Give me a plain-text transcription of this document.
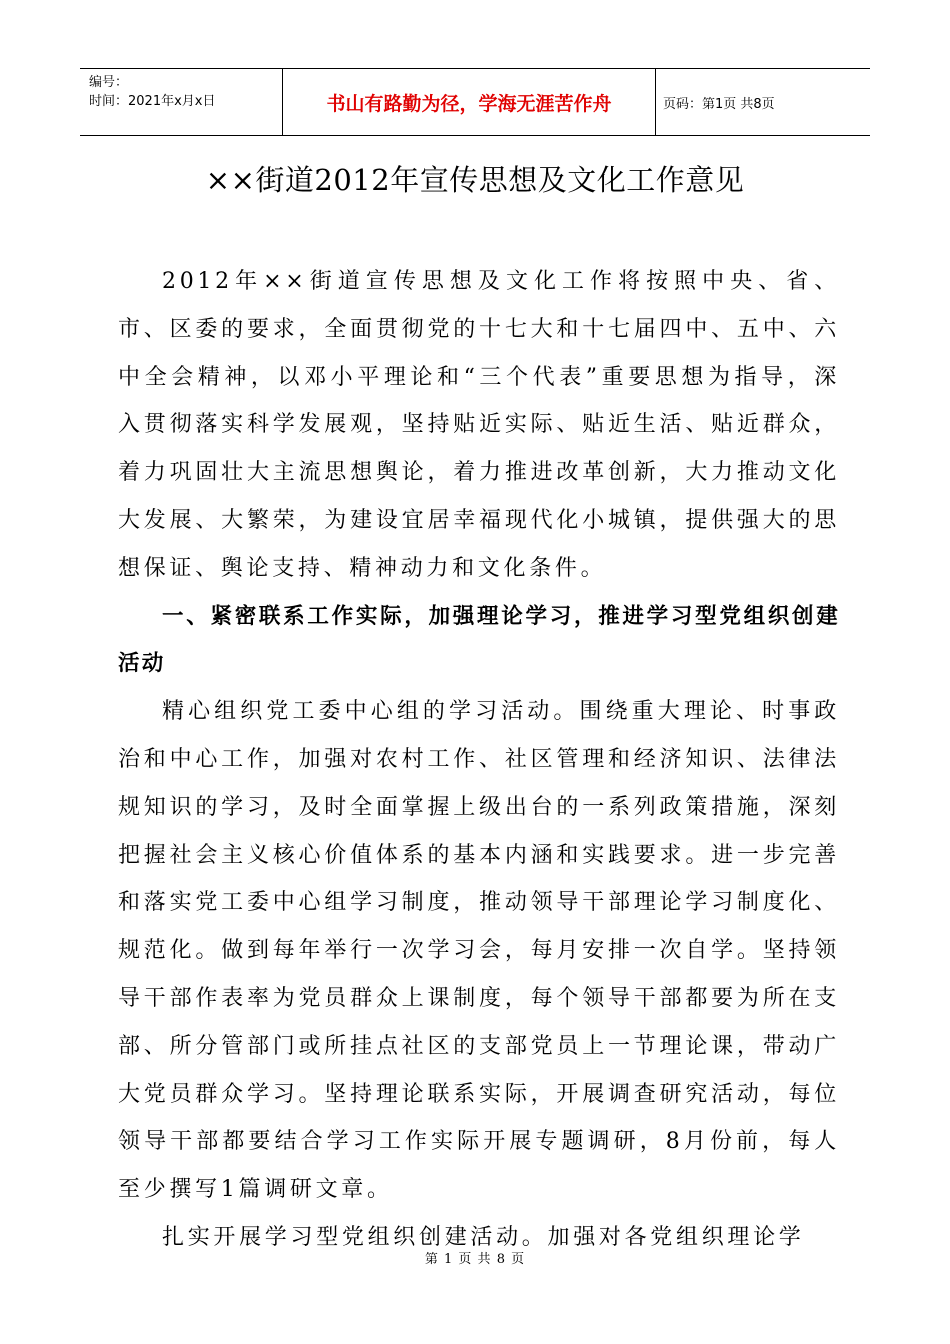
编号：
时间：2021年x月x日	书山有路勤为径，学海无涯苦作舟	页码：第1页 共8页
××街道2012年宣传思想及文化工作意见

2012年××街道宣传思想及文化工作将按照中央、省、市、区委的要求，全面贯彻党的十七大和十七届四中、五中、六中全会精神，以邓小平理论和“三个代表”重要思想为指导，深入贯彻落实科学发展观，坚持贴近实际、贴近生活、贴近群众，着力巩固壮大主流思想舆论，着力推进改革创新，大力推动文化大发展、大繁荣，为建设宜居幸福现代化小城镇，提供强大的思想保证、舆论支持、精神动力和文化条件。

一、紧密联系工作实际，加强理论学习，推进学习型党组织创建活动

精心组织党工委中心组的学习活动。围绕重大理论、时事政治和中心工作，加强对农村工作、社区管理和经济知识、法律法规知识的学习，及时全面掌握上级出台的一系列政策措施，深刻把握社会主义核心价值体系的基本内涵和实践要求。进一步完善和落实党工委中心组学习制度，推动领导干部理论学习制度化、规范化。做到每年举行一次学习会，每月安排一次自学。坚持领导干部作表率为党员群众上课制度，每个领导干部都要为所在支部、所分管部门或所挂点社区的支部党员上一节理论课，带动广大党员群众学习。坚持理论联系实际，开展调查研究活动，每位领导干部都要结合学习工作实际开展专题调研，8月份前，每人至少撰写1篇调研文章。

扎实开展学习型党组织创建活动。加强对各党组织理论学

第 1 页 共 8 页
